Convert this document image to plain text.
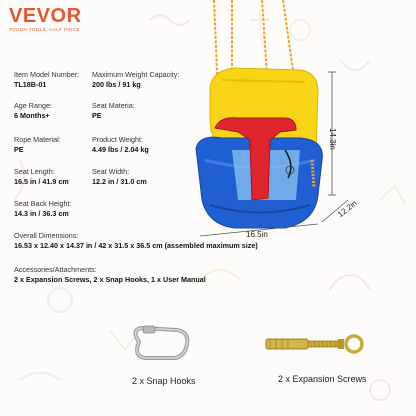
VEVOR
TOUGH TOOLS, HALF PRICE
Item Model Number:
TL18B-01
Maximum Weight Capacity:
200 lbs / 91 kg
Age Range:
6 Months+
Seat Materia:
PE
Rope Material:
PE
Product Weight:
4.49 lbs / 2.04 kg
Seat Length:
16.5 in / 41.9 cm
Seat Width:
12.2 in / 31.0 cm
Seat Back Height:
14.3 in / 36.3 cm
Overall Dimensions:
16.53 x 12.40 x 14.37 in / 42 x 31.5 x 36.5 cm (assembled maximum size)
Accessories/Attachments:
2 x Expansion Screws, 2 x Snap Hooks, 1 x User Manual
14.3in
16.5in
12.2in
2 x Snap Hooks	2 x Expansion Screws
